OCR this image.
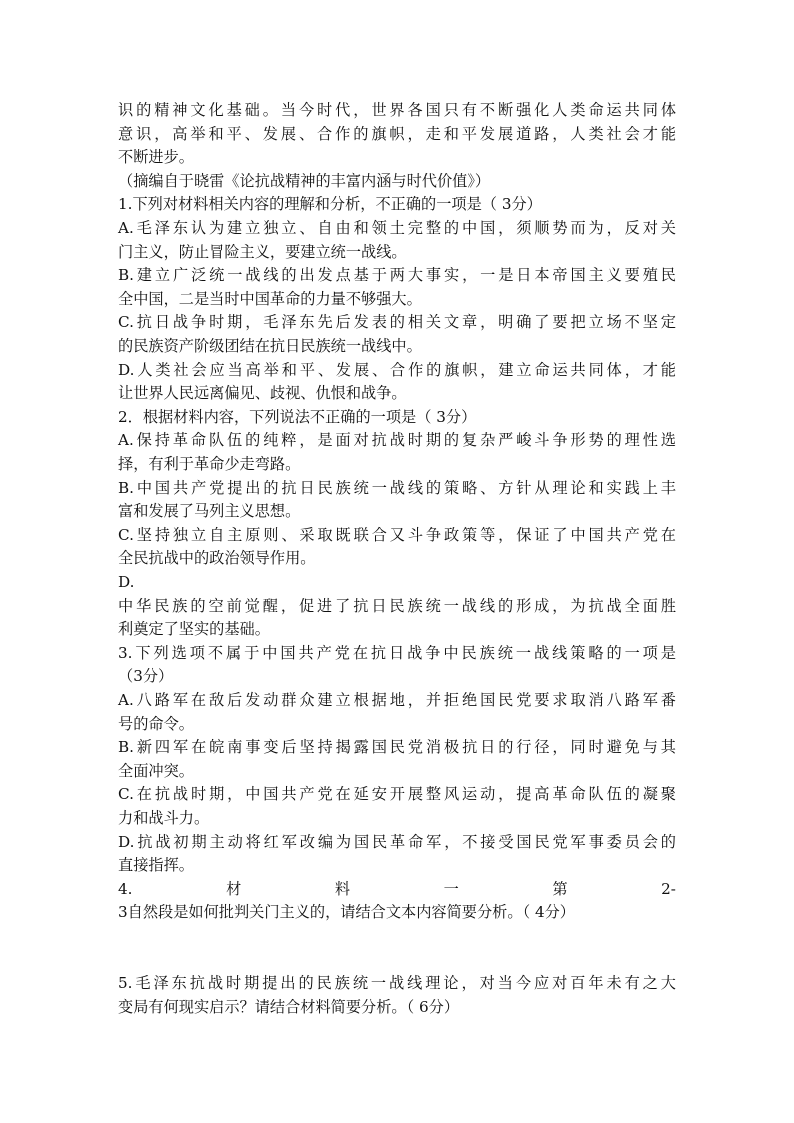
识的精神文化基础。当今时代，世界各国只有不断强化人类命运共同体
意识，高举和平、发展、合作的旗帜，走和平发展道路，人类社会才能
不断进步。
（摘编自于晓雷《论抗战精神的丰富内涵与时代价值》）
1.下列对材料相关内容的理解和分析，不正确的一项是（ 3分）
A.毛泽东认为建立独立、自由和领土完整的中国，须顺势而为，反对关
门主义，防止冒险主义，要建立统一战线。
B.建立广泛统一战线的出发点基于两大事实，一是日本帝国主义要殖民
全中国，二是当时中国革命的力量不够强大。
C.抗日战争时期，毛泽东先后发表的相关文章，明确了要把立场不坚定
的民族资产阶级团结在抗日民族统一战线中。
D.人类社会应当高举和平、发展、合作的旗帜，建立命运共同体，才能
让世界人民远离偏见、歧视、仇恨和战争。
2．根据材料内容，下列说法不正确的一项是（ 3分）
A.保持革命队伍的纯粹，是面对抗战时期的复杂严峻斗争形势的理性选
择，有利于革命少走弯路。
B.中国共产党提出的抗日民族统一战线的策略、方针从理论和实践上丰
富和发展了马列主义思想。
C.坚持独立自主原则、采取既联合又斗争政策等，保证了中国共产党在
全民抗战中的政治领导作用。
D.
中华民族的空前觉醒，促进了抗日民族统一战线的形成，为抗战全面胜
利奠定了坚实的基础。
3.下列选项不属于中国共产党在抗日战争中民族统一战线策略的一项是
（3分）
A.八路军在敌后发动群众建立根据地，并拒绝国民党要求取消八路军番
号的命令。
B.新四军在皖南事变后坚持揭露国民党消极抗日的行径，同时避免与其
全面冲突。
C.在抗战时期，中国共产党在延安开展整风运动，提高革命队伍的凝聚
力和战斗力。
D.抗战初期主动将红军改编为国民革命军，不接受国民党军事委员会的
直接指挥。
4.	材	料	一	第	2-
3自然段是如何批判关门主义的，请结合文本内容简要分析。（ 4分）
5.毛泽东抗战时期提出的民族统一战线理论，对当今应对百年未有之大
变局有何现实启示？请结合材料简要分析。（ 6分）
